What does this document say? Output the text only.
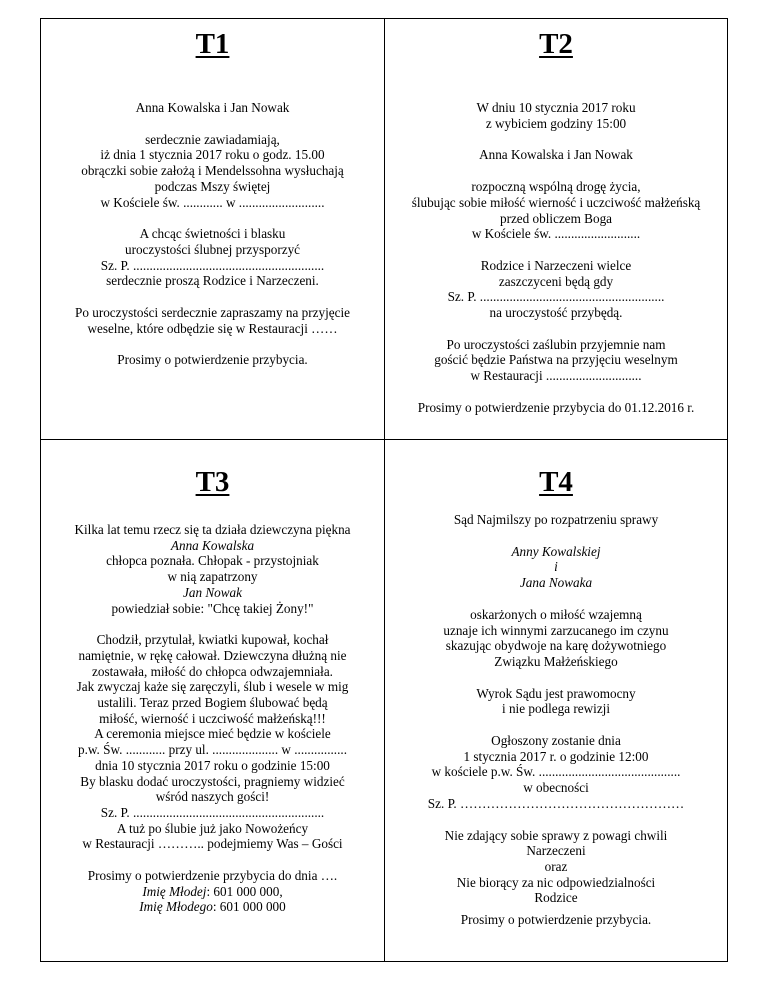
T1

Anna Kowalska i Jan Nowak

serdecznie zawiadamiają,
iż dnia 1 stycznia 2017 roku o godz. 15.00
obrączki sobie założą i Mendelssohna wysłuchają
podczas Mszy świętej
w Kościele św. ............ w ..........................

A chcąc świetności i blasku
uroczystości ślubnej przysporzyć
Sz. P. ..........................................................
serdecznie proszą Rodzice i Narzeczeni.

Po uroczystości serdecznie zapraszamy na przyjęcie
weselne, które odbędzie się w Restauracji ……

Prosimy o potwierdzenie przybycia.

T2

W dniu 10 stycznia 2017 roku
z wybiciem godziny 15:00

Anna Kowalska i Jan Nowak

rozpoczną wspólną drogę życia,
ślubując sobie miłość wierność i uczciwość małżeńską
przed obliczem Boga
w Kościele św. ..........................

Rodzice i Narzeczeni wielce
zaszczyceni będą gdy
Sz. P. ........................................................
na uroczystość przybędą.

Po uroczystości zaślubin przyjemnie nam
gościć będzie Państwa na przyjęciu weselnym
w Restauracji .............................

Prosimy o potwierdzenie przybycia do 01.12.2016 r.

T3

Kilka lat temu rzecz się ta działa dziewczyna piękna
Anna Kowalska
chłopca poznała. Chłopak - przystojniak
w nią zapatrzony
Jan Nowak
powiedział sobie: "Chcę takiej Żony!"

Chodził, przytulał, kwiatki kupował, kochał
namiętnie, w rękę całował. Dziewczyna dłużną nie
zostawała, miłość do chłopca odwzajemniała.
Jak zwyczaj każe się zaręczyli, ślub i wesele w mig
ustalili. Teraz przed Bogiem ślubować będą
miłość, wierność i uczciwość małżeńską!!!
A ceremonia miejsce mieć będzie w kościele
p.w. Św. ............ przy ul. .................... w ................
dnia 10 stycznia 2017 roku o godzinie 15:00
By blasku dodać uroczystości, pragniemy widzieć
wśród naszych gości!
Sz. P. ..........................................................
A tuż po ślubie już jako Nowożeńcy
w Restauracji ……….. podejmiemy Was – Gości

Prosimy o potwierdzenie przybycia do dnia ….
Imię Młodej: 601 000 000,
Imię Młodego: 601 000 000

T4

Sąd Najmilszy po rozpatrzeniu sprawy

Anny Kowalskiej
i
Jana Nowaka

oskarżonych o miłość wzajemną
uznaje ich winnymi zarzucanego im czynu
skazując obydwoje na karę dożywotniego
Związku Małżeńskiego

Wyrok Sądu jest prawomocny
i nie podlega rewizji

Ogłoszony zostanie dnia
1 stycznia 2017 r. o godzinie 12:00
w kościele p.w. Św. ...........................................
w obecności
Sz. P. ……………………………………………

Nie zdający sobie sprawy z powagi chwili
Narzeczeni
oraz
Nie biorący za nic odpowiedzialności
Rodzice

Prosimy o potwierdzenie przybycia.
